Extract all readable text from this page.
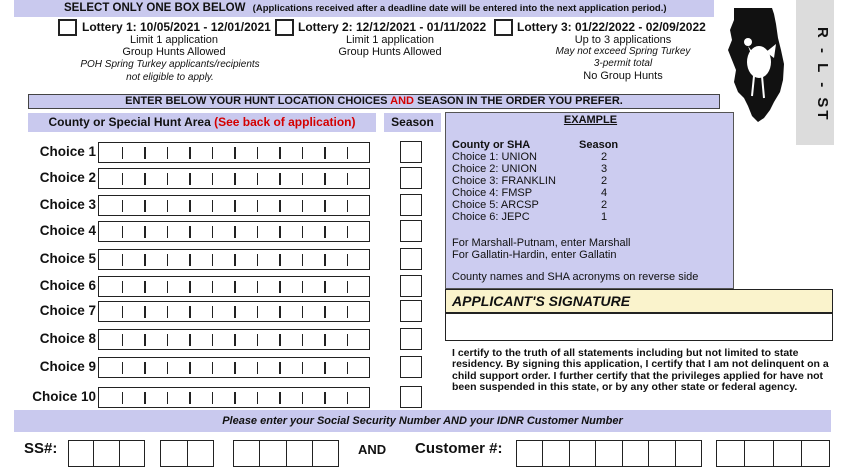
SELECT ONLY ONE BOX BELOW (Applications received after a deadline date will be entered into the next application period.)
Lottery 1: 10/05/2021 - 12/01/2021
Limit 1 application
Group Hunts Allowed
POH Spring Turkey applicants/recipients
not eligible to apply.
Lottery 2: 12/12/2021 - 01/11/2022
Limit 1 application
Group Hunts Allowed
Lottery 3: 01/22/2022 - 02/09/2022
Up to 3 applications
May not exceed Spring Turkey
3-permit total
No Group Hunts	R - L - ST
ENTER BELOW YOUR HUNT LOCATION CHOICES AND SEASON IN THE ORDER YOU PREFER.
County or Special Hunt Area (See back of application)	Season
Choice 1
Choice 2
Choice 3
Choice 4
Choice 5
Choice 6
Choice 7
Choice 8
Choice 9
Choice 10
EXAMPLE
County or SHA	Season
Choice 1: UNION	2
Choice 2: UNION	3
Choice 3: FRANKLIN	2
Choice 4: FMSP	4
Choice 5: ARCSP	2
Choice 6: JEPC	1
For Marshall-Putnam, enter Marshall
For Gallatin-Hardin, enter Gallatin
County names and SHA acronyms on reverse side
APPLICANT'S SIGNATURE
I certify to the truth of all statements including but not limited to state residency. By signing this application, I certify that I am not delinquent on a child support order. I further certify that the privileges applied for have not been suspended in this state, or by any other state or federal agency.
Please enter your Social Security Number AND your IDNR Customer Number
SS#:	AND Customer #:
